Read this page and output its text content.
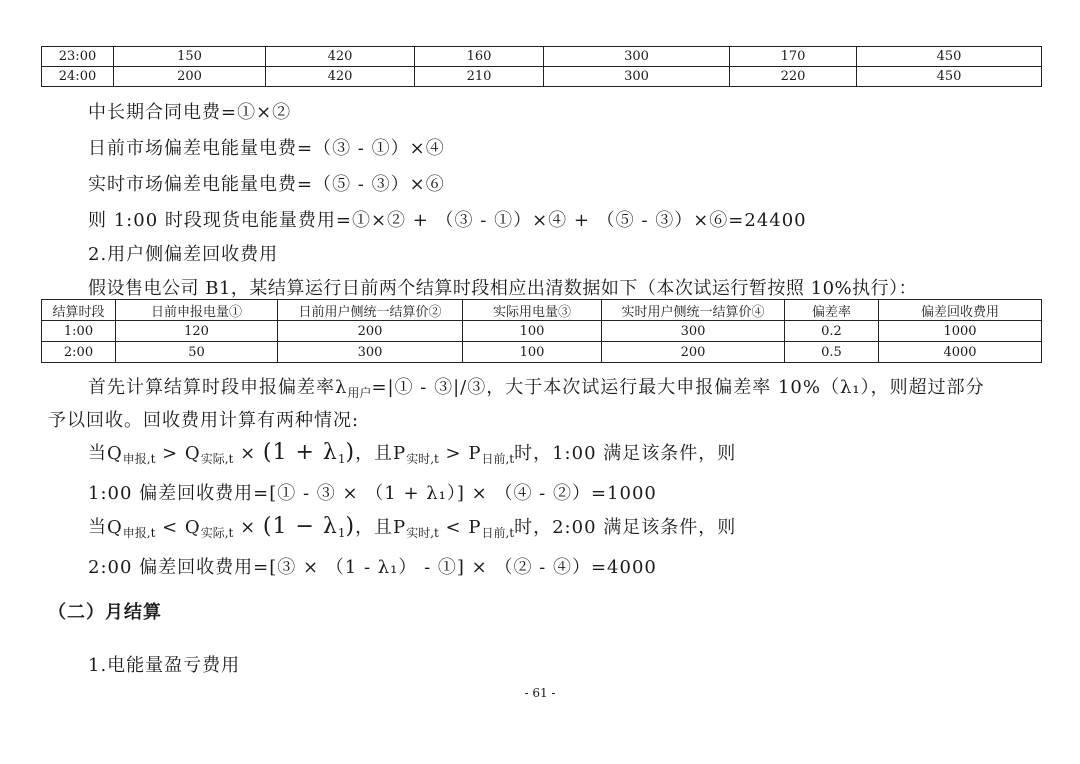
23:00	150	420	160	300	170	450
24:00	200	420	210	300	220	450
中长期合同电费=①×②
日前市场偏差电能量电费=（③ - ①）×④
实时市场偏差电能量电费=（⑤ - ③）×⑥
则 1:00 时段现货电能量费用=①×② + （③ - ①）×④ + （⑤ - ③）×⑥=24400
2.用户侧偏差回收费用
假设售电公司 B1，某结算运行日前两个结算时段相应出清数据如下（本次试运行暂按照 10%执行）：
结算时段	日前申报电量①	日前用户侧统一结算价②	实际用电量③	实时用户侧统一结算价④	偏差率	偏差回收费用
1:00	120	200	100	300	0.2	1000
2:00	50	300	100	200	0.5	4000
首先计算结算时段申报偏差率$\lambda_{用户}=|①$ - ③|/③，大于本次试运行最大申报偏差率 10%（λ₁），则超过部分
予以回收。回收费用计算有两种情况:
当$Q_{申报,t} > Q_{实际,t} \times (1 + \lambda_1)$，且$P_{实时,t} > P_{日前,t}$时，1:00 满足该条件，则
1:00 偏差回收费用=[① - ③ × （1 + λ₁）] × （④ - ②）=1000
当$Q_{申报,t} < Q_{实际,t} \times (1 - \lambda_1)$，且$P_{实时,t} < P_{日前,t}$时，2:00 满足该条件，则
2:00 偏差回收费用=[③ × （1 - λ₁） - ①] × （② - ④）=4000
（二）月结算
1.电能量盈亏费用
- 61 -
